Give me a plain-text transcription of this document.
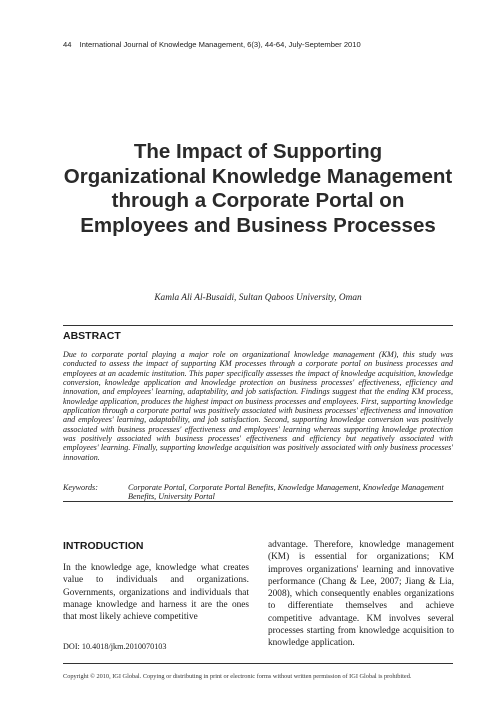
44 International Journal of Knowledge Management, 6(3), 44-64, July-September 2010
The Impact of Supporting Organizational Knowledge Management through a Corporate Portal on Employees and Business Processes
Kamla Ali Al-Busaidi, Sultan Qaboos University, Oman
ABSTRACT
Due to corporate portal playing a major role on organizational knowledge management (KM), this study was conducted to assess the impact of supporting KM processes through a corporate portal on business processes and employees at an academic institution. This paper specifically assesses the impact of knowledge acquisition, knowledge conversion, knowledge application and knowledge protection on business processes' effectiveness, efficiency and innovation, and employees' learning, adaptability, and job satisfaction. Findings suggest that the ending KM process, knowledge application, produces the highest impact on business processes and employees. First, supporting knowledge application through a corporate portal was positively associated with business processes' effectiveness and innovation and employees' learning, adaptability, and job satisfaction. Second, supporting knowledge conversion was positively associated with business processes' effectiveness and employees' learning whereas supporting knowledge protection was positively associated with business processes' effectiveness and efficiency but negatively associated with employees' learning. Finally, supporting knowledge acquisition was positively associated with only business processes' innovation.
Keywords:	Corporate Portal, Corporate Portal Benefits, Knowledge Management, Knowledge Management Benefits, University Portal
INTRODUCTION
In the knowledge age, knowledge what creates value to individuals and organizations. Governments, organizations and individuals that manage knowledge and harness it are the ones that most likely achieve competitive
advantage. Therefore, knowledge management (KM) is essential for organizations; KM improves organizations' learning and innovative performance (Chang & Lee, 2007; Jiang & Lia, 2008), which consequently enables organizations to differentiate themselves and achieve competitive advantage. KM involves several processes starting from knowledge acquisition to knowledge application.
DOI: 10.4018/jkm.2010070103
Copyright © 2010, IGI Global. Copying or distributing in print or electronic forms without written permission of IGI Global is prohibited.
